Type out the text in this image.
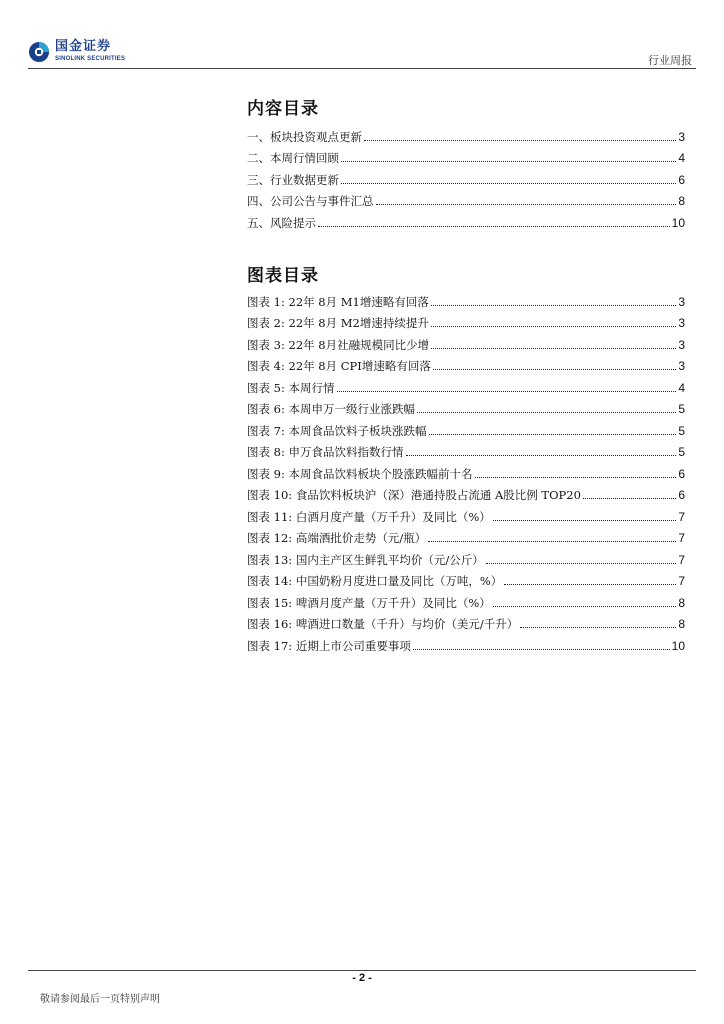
国金证券
SINOLINK SECURITIES	行业周报
内容目录
一、板块投资观点更新	3
二、本周行情回顾	4
三、行业数据更新	6
四、公司公告与事件汇总	8
五、风险提示	10
图表目录
图表 1: 22年 8月 M1增速略有回落	3
图表 2: 22年 8月 M2增速持续提升	3
图表 3: 22年 8月社融规模同比少增	3
图表 4: 22年 8月 CPI增速略有回落	3
图表 5: 本周行情	4
图表 6: 本周申万一级行业涨跌幅	5
图表 7: 本周食品饮料子板块涨跌幅	5
图表 8: 申万食品饮料指数行情	5
图表 9: 本周食品饮料板块个股涨跌幅前十名	6
图表 10: 食品饮料板块沪（深）港通持股占流通 A股比例 TOP20	6
图表 11: 白酒月度产量（万千升）及同比（%）	7
图表 12: 高端酒批价走势（元/瓶）	7
图表 13: 国内主产区生鲜乳平均价（元/公斤）	7
图表 14: 中国奶粉月度进口量及同比（万吨，%）	7
图表 15: 啤酒月度产量（万千升）及同比（%）	8
图表 16: 啤酒进口数量（千升）与均价（美元/千升）	8
图表 17: 近期上市公司重要事项	10
- 2 -
敬请参阅最后一页特别声明
